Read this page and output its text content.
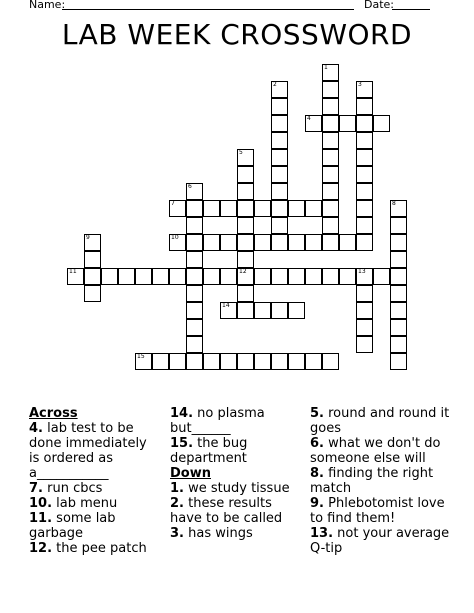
Name:	Date:
LAB WEEK CROSSWORD
1
2	3
5
12
6
8
9
13
4
7
10
11
14
15
Across
4. lab test to be done immediately is ordered as a___________
7. run cbcs
10. lab menu
11. some lab garbage
12. the pee patch
14. no plasma but______
15. the bug department
Down
1. we study tissue
2. these results have to be called
3. has wings
5. round and round it goes
6. what we don't do someone else will
8. finding the right match
9. Phlebotomist love to find them!
13. not your average Q-tip
